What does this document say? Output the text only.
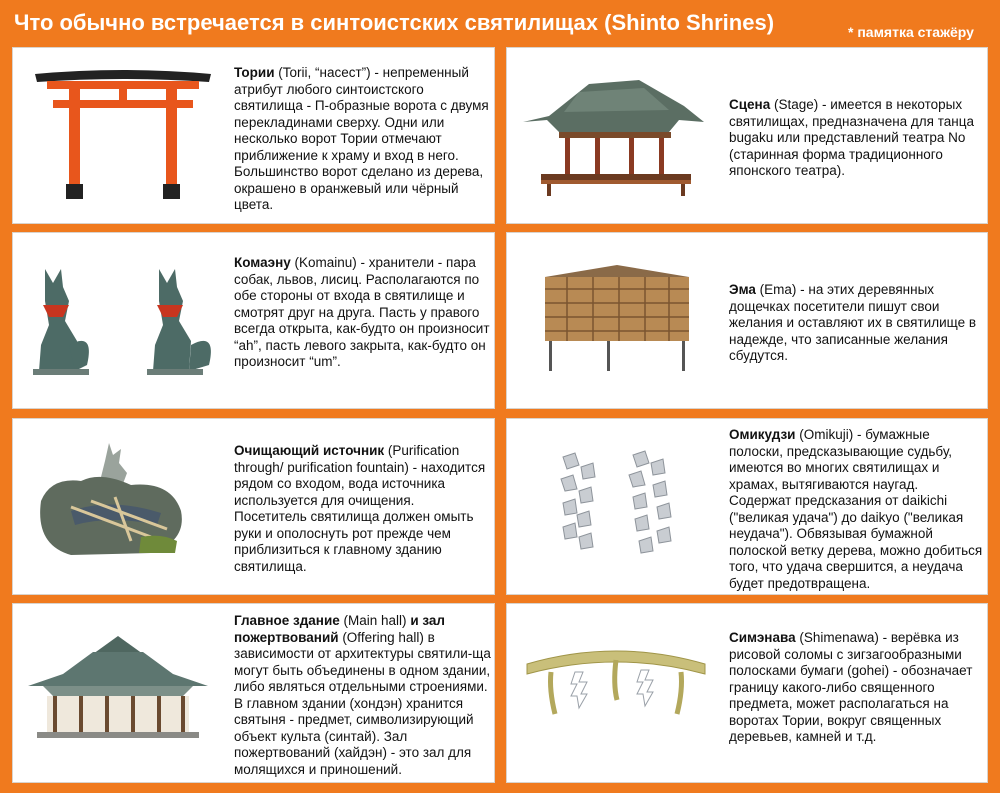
Что обычно встречается в синтоистских святилищах (Shinto Shrines)	* памятка стажёру
Тории (Torii, “насест”) - непременный атрибут любого синтоистского святилища - П-образные ворота с двумя перекладинами сверху. Одни или несколько ворот Тории отмечают приближение к храму и вход в него. Большинство ворот сделано из дерева, окрашено в оранжевый или чёрный цвета.
Сцена (Stage) - имеется в некоторых святилищах, предназначена для танца bugaku или представлений театра No (старинная форма традиционного японского театра).
Комаэну (Komainu) - хранители - пара собак, львов, лисиц. Располагаются по обе стороны от входа в святилище и смотрят друг на друга. Пасть у правого всегда открыта, как-будто он произносит “ah”, пасть левого закрыта, как-будто он произносит “um”.
Эма (Ema) - на этих деревянных дощечках посетители пишут свои желания и оставляют их в святилище в надежде, что записанные желания сбудутся.
Очищающий источник (Purification through/ purification fountain) - находится рядом со входом, вода источника используется для очищения. Посетитель святилища должен омыть руки и ополоснуть рот прежде чем приблизиться к главному зданию святилища.
Омикудзи (Omikuji) - бумажные полоски, предсказывающие судьбу, имеются во многих святилищах и храмах, вытягиваются наугад. Содержат предсказания от daikichi ("великая удача") до daikyo ("великая неудача"). Обвязывая бумажной полоской ветку дерева, можно добиться того, что удача свершится, а неудача будет предотвращена.
Главное здание (Main hall) и зал пожертвований (Offering hall) в зависимости от архитектуры святили-ща могут быть объединены в одном здании, либо являться отдельными строениями. В главном здании (хондэн) хранится святыня - предмет, символизирующий объект культа (синтай). Зал пожертвований (хайдэн) - это зал для молящихся и приношений.
Симэнава (Shimenawa) - верёвка из рисовой соломы с зигзагообразными полосками бумаги (gohei) - обозначает границу какого-либо священного предмета, может располагаться на воротах Тории, вокруг священных деревьев, камней и т.д.
